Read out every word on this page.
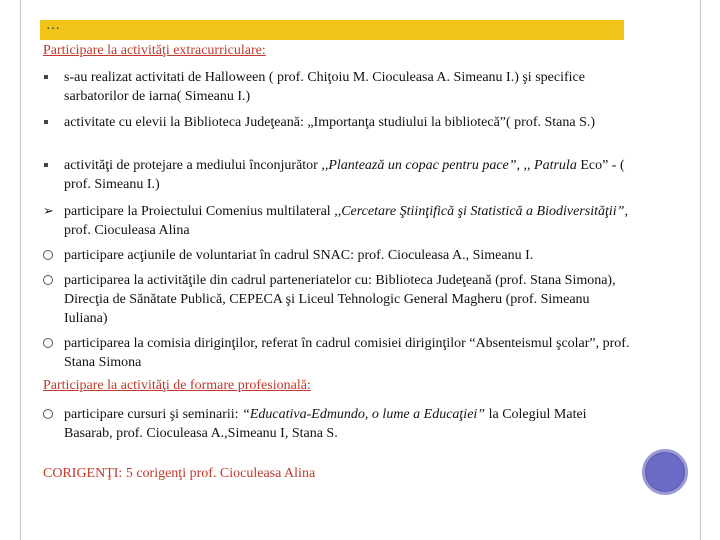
…
Participare la activităţi extracurriculare:
s-au realizat activitati de Halloween ( prof. Chiţoiu M. Cioculeasa A. Simeanu I.) şi specifice sarbatorilor de iarna( Simeanu I.)
activitate cu elevii la Biblioteca Judeţeană: „Importanţa studiului la bibliotecă”( prof. Stana S.)
activităţi de protejare a mediului înconjurător ,,Plantează un copac pentru pace”, ,, Patrula Eco” - ( prof. Simeanu I.)
participare la Proiectului Comenius multilateral ,,Cercetare Ştiinţifică şi Statistică a Biodiversităţii”, prof. Cioculeasa Alina
participare acţiunile de voluntariat în cadrul SNAC: prof. Cioculeasa A., Simeanu I.
participarea la activităţile din cadrul parteneriatelor cu: Biblioteca Judeţeană (prof. Stana Simona), Direcţia de Sănătate Publică, CEPECA şi Liceul Tehnologic General Magheru (prof. Simeanu Iuliana)
participarea la comisia diriginţilor, referat în cadrul comisiei diriginţilor “Absenteismul şcolar”, prof. Stana Simona
Participare la activităţi de formare profesională:
participare cursuri şi seminarii: “Educativa-Edmundo, o lume a Educaţiei” la Colegiul Matei Basarab, prof. Cioculeasa A.,Simeanu I, Stana S.
CORIGENŢI: 5 corigenţi prof. Cioculeasa Alina
